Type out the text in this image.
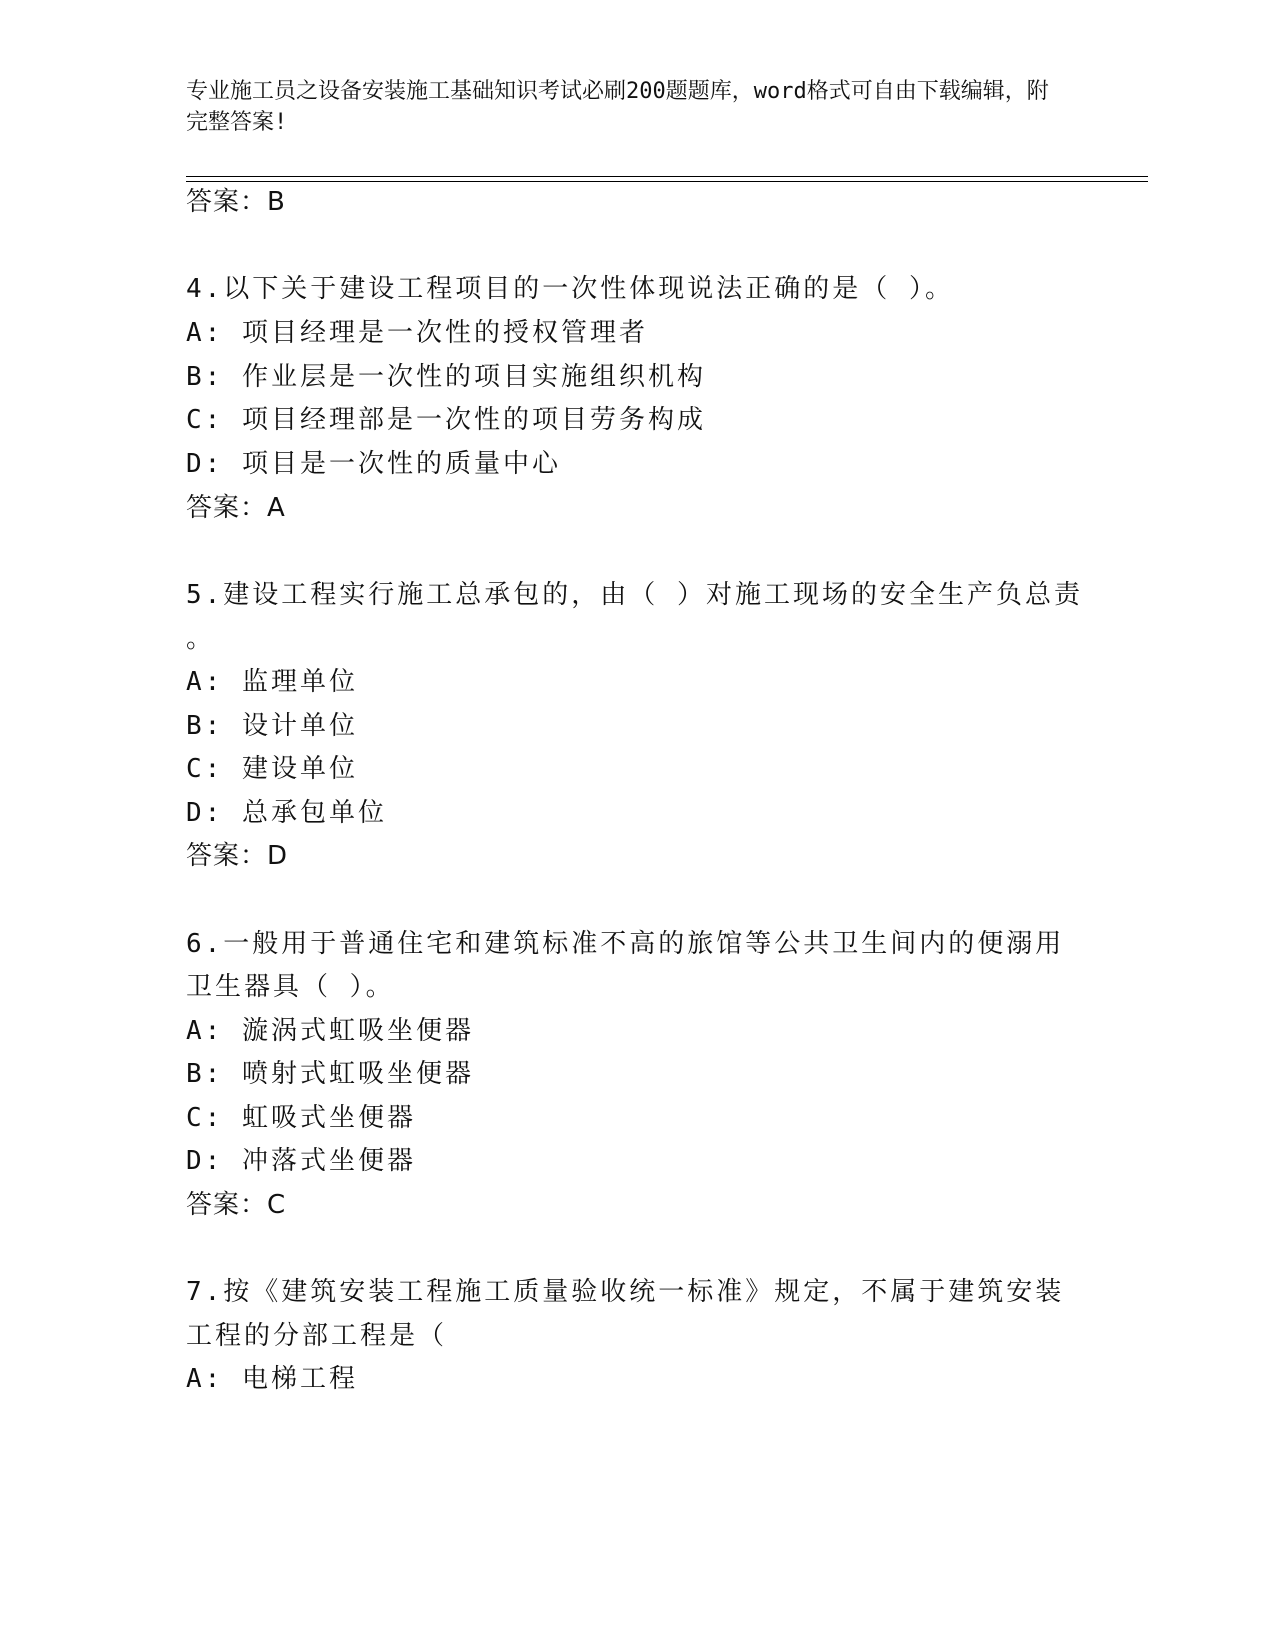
专业施工员之设备安装施工基础知识考试必刷200题题库，word格式可自由下载编辑，附完整答案!
答案：B
4.以下关于建设工程项目的一次性体现说法正确的是（ ）。
A: 项目经理是一次性的授权管理者
B: 作业层是一次性的项目实施组织机构
C: 项目经理部是一次性的项目劳务构成
D: 项目是一次性的质量中心
答案：A
5.建设工程实行施工总承包的，由（ ）对施工现场的安全生产负总责
。
A: 监理单位
B: 设计单位
C: 建设单位
D: 总承包单位
答案：D
6.一般用于普通住宅和建筑标准不高的旅馆等公共卫生间内的便溺用
卫生器具（ ）。
A: 漩涡式虹吸坐便器
B: 喷射式虹吸坐便器
C: 虹吸式坐便器
D: 冲落式坐便器
答案：C
7.按《建筑安装工程施工质量验收统一标准》规定，不属于建筑安装
工程的分部工程是（
A: 电梯工程
